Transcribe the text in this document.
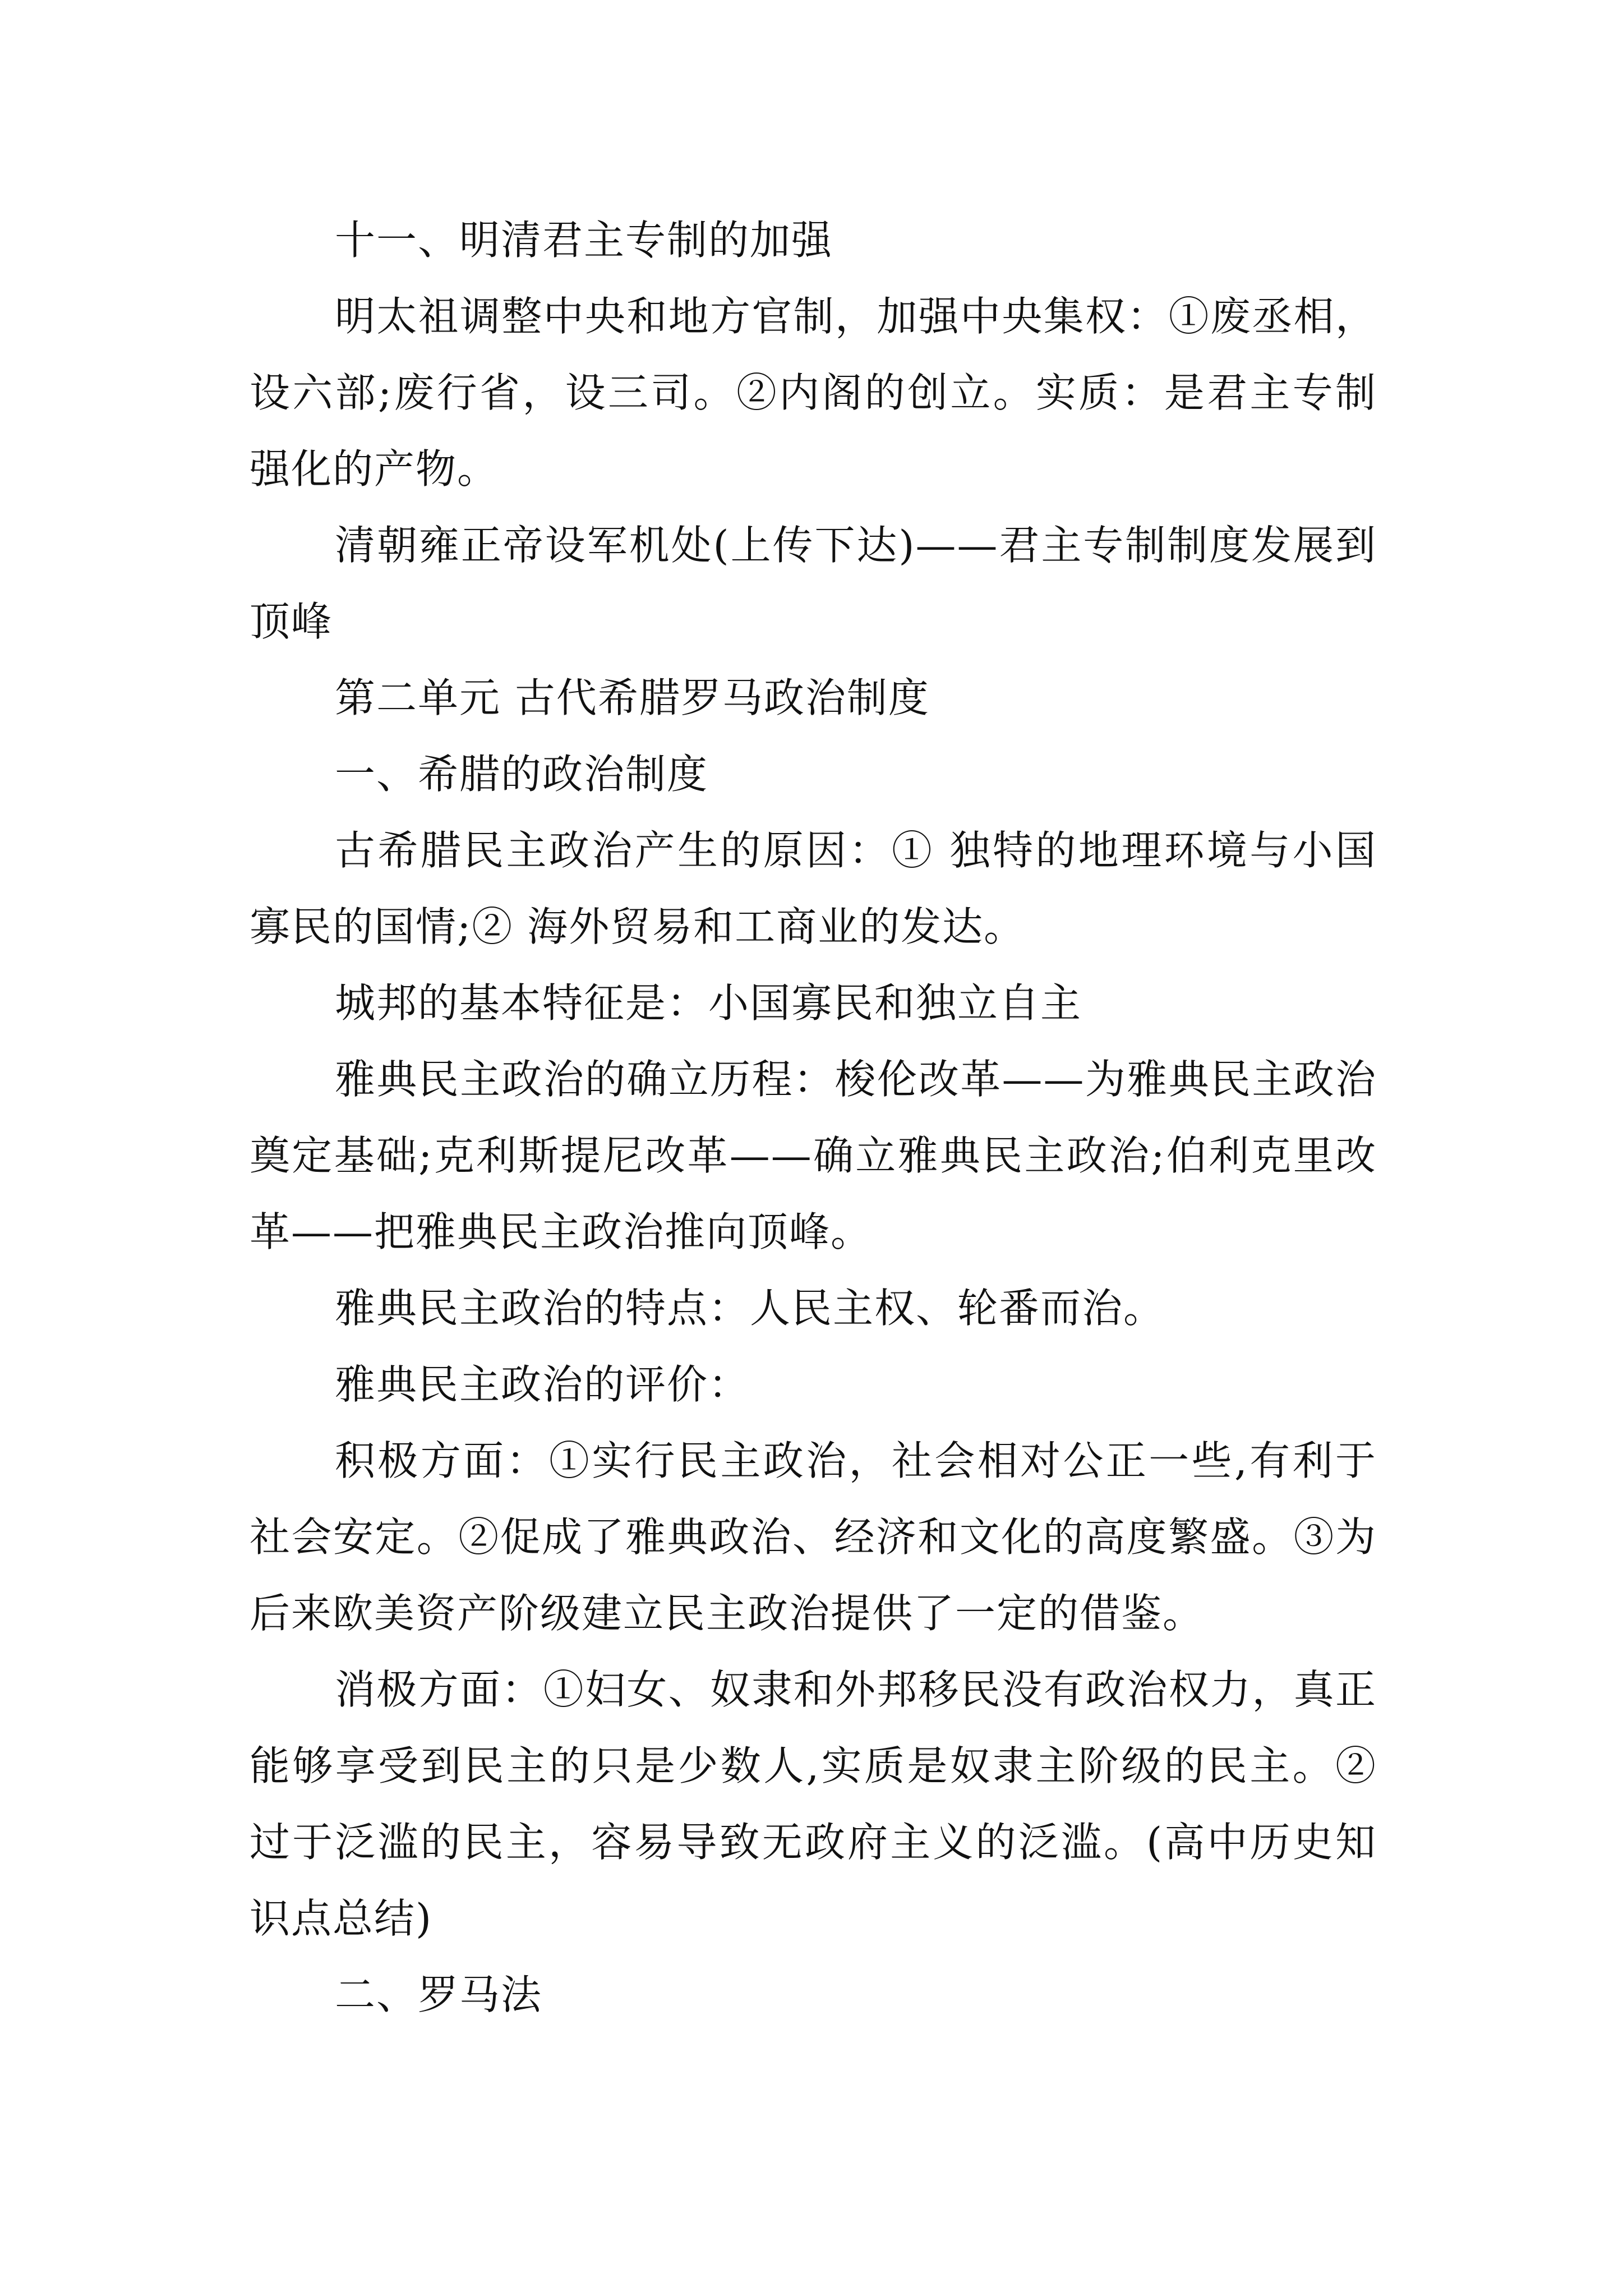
十一、明清君主专制的加强

明太祖调整中央和地方官制，加强中央集权：①废丞相，设六部;废行省，设三司。②内阁的创立。实质：是君主专制强化的产物。

清朝雍正帝设军机处(上传下达)——君主专制制度发展到顶峰

第二单元 古代希腊罗马政治制度

一、希腊的政治制度

古希腊民主政治产生的原因：① 独特的地理环境与小国寡民的国情;② 海外贸易和工商业的发达。

城邦的基本特征是：小国寡民和独立自主

雅典民主政治的确立历程：梭伦改革——为雅典民主政治奠定基础;克利斯提尼改革——确立雅典民主政治;伯利克里改革——把雅典民主政治推向顶峰。

雅典民主政治的特点：人民主权、轮番而治。

雅典民主政治的评价：

积极方面：①实行民主政治，社会相对公正一些,有利于社会安定。②促成了雅典政治、经济和文化的高度繁盛。③为后来欧美资产阶级建立民主政治提供了一定的借鉴。

消极方面：①妇女、奴隶和外邦移民没有政治权力，真正能够享受到民主的只是少数人,实质是奴隶主阶级的民主。②过于泛滥的民主，容易导致无政府主义的泛滥。(高中历史知识点总结)

二、罗马法
